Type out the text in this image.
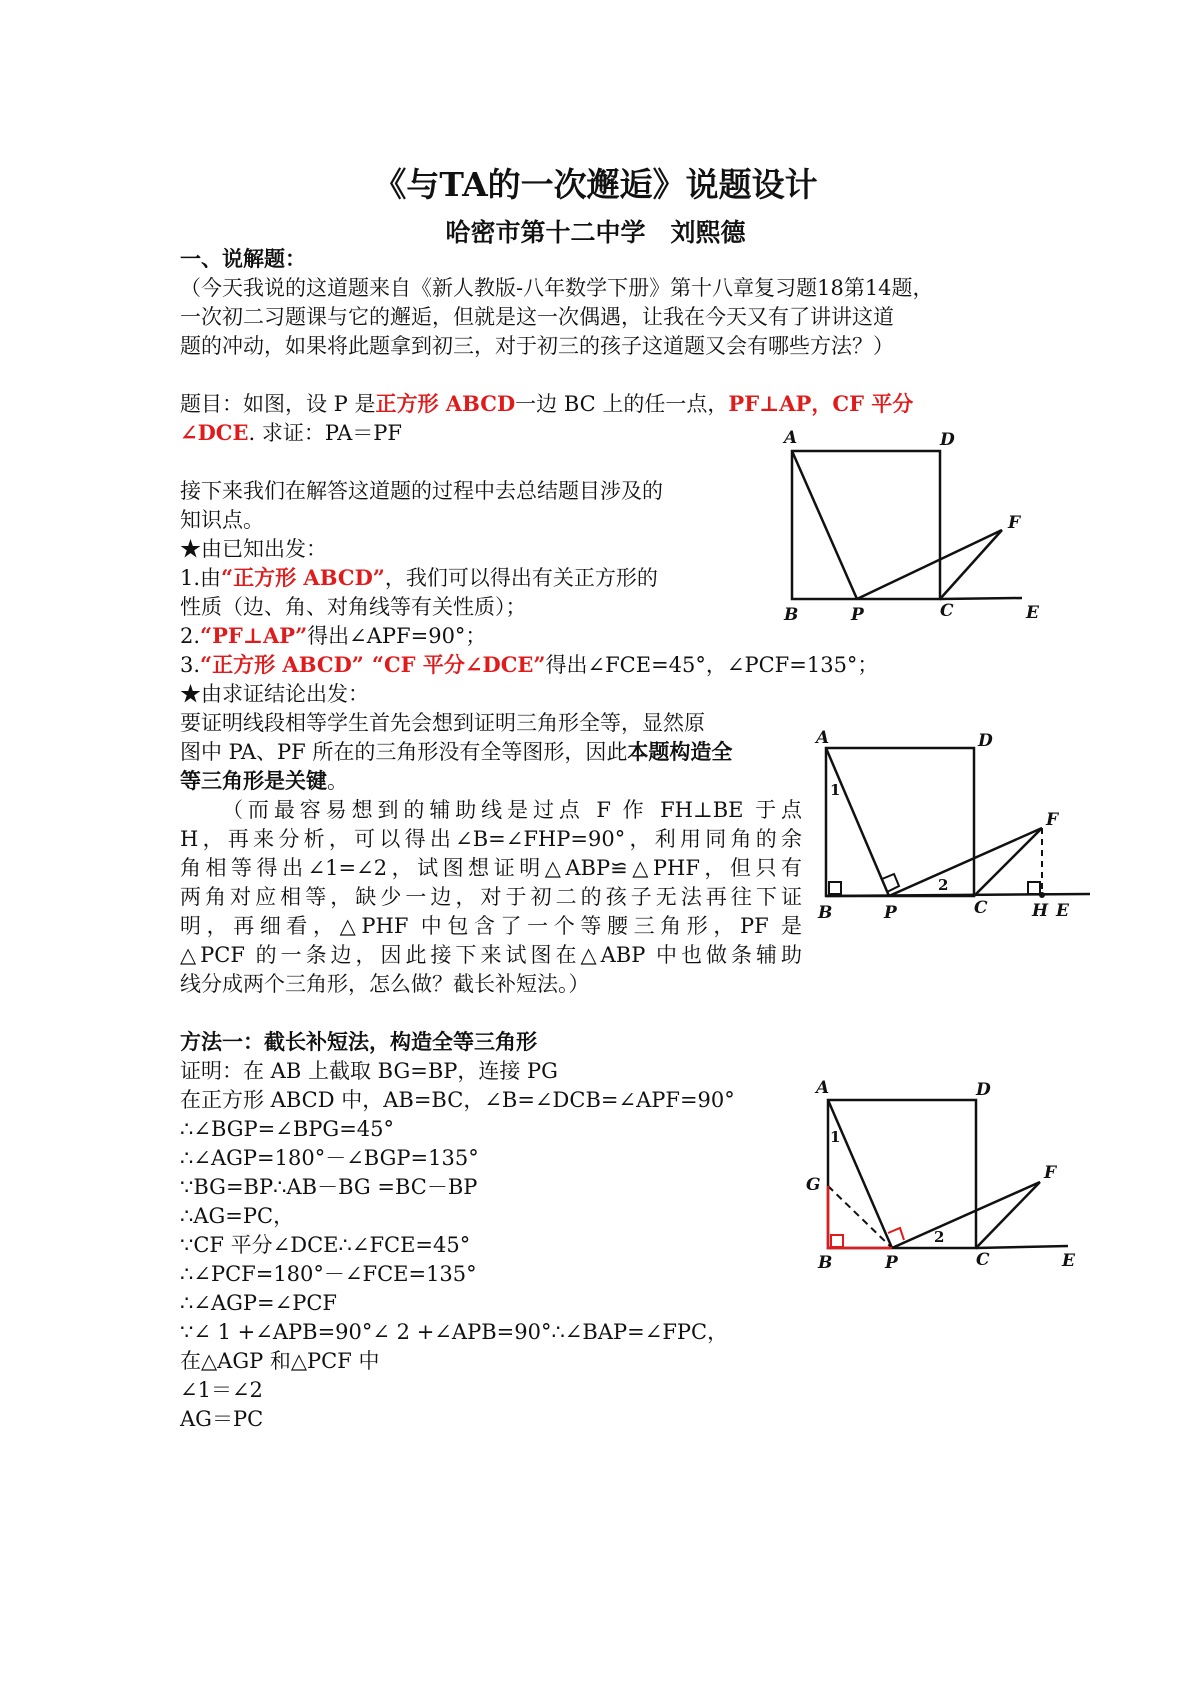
《与TA的一次邂逅》说题设计
哈密市第十二中学　刘熙德
一、说解题：
（今天我说的这道题来自《新人教版-八年数学下册》第十八章复习题18第14题，
一次初二习题课与它的邂逅，但就是这一次偶遇，让我在今天又有了讲讲这道
题的冲动，如果将此题拿到初三，对于初三的孩子这道题又会有哪些方法？）
题目：如图，设 P 是正方形 ABCD一边 BC 上的任一点，PF⊥AP，CF 平分
∠DCE. 求证：PA＝PF
接下来我们在解答这道题的过程中去总结题目涉及的
知识点。
★由已知出发：
1.由“正方形 ABCD”，我们可以得出有关正方形的
性质（边、角、对角线等有关性质）；
2.“PF⊥AP”得出∠APF=90°；
3.“正方形 ABCD” “CF 平分∠DCE”得出∠FCE=45°，∠PCF=135°；
★由求证结论出发：
要证明线段相等学生首先会想到证明三角形全等，显然原
图中 PA、PF 所在的三角形没有全等图形，因此本题构造全
等三角形是关键。
（而最容易想到的辅助线是过点 F 作 FH⊥BE 于点
H，再来分析，可以得出∠B=∠FHP=90°，利用同角的余
角相等得出∠1=∠2，试图想证明△ABP≌△PHF，但只有
两角对应相等，缺少一边，对于初二的孩子无法再往下证
明，再细看，△PHF 中包含了一个等腰三角形，PF 是
△PCF 的一条边，因此接下来试图在△ABP 中也做条辅助
线分成两个三角形，怎么做？截长补短法。）
方法一：截长补短法，构造全等三角形
证明：在 AB 上截取 BG=BP，连接 PG
在正方形 ABCD 中，AB=BC，∠B=∠DCB=∠APF=90°
∴∠BGP=∠BPG=45°
∴∠AGP=180°－∠BGP=135°
∵BG=BP∴AB－BG =BC－BP
∴AG=PC，
∵CF 平分∠DCE∴∠FCE=45°
∴∠PCF=180°－∠FCE=135°
∴∠AGP=∠PCF
∵∠ 1 +∠APB=90°∠ 2 +∠APB=90°∴∠BAP=∠FPC，
在△AGP 和△PCF 中
∠1＝∠2
AG＝PC
A	D
F
B	P	C	E
A	D
F
1
2
B	P	C	H E
A	D
F
G
1
2
B	P	C	E
